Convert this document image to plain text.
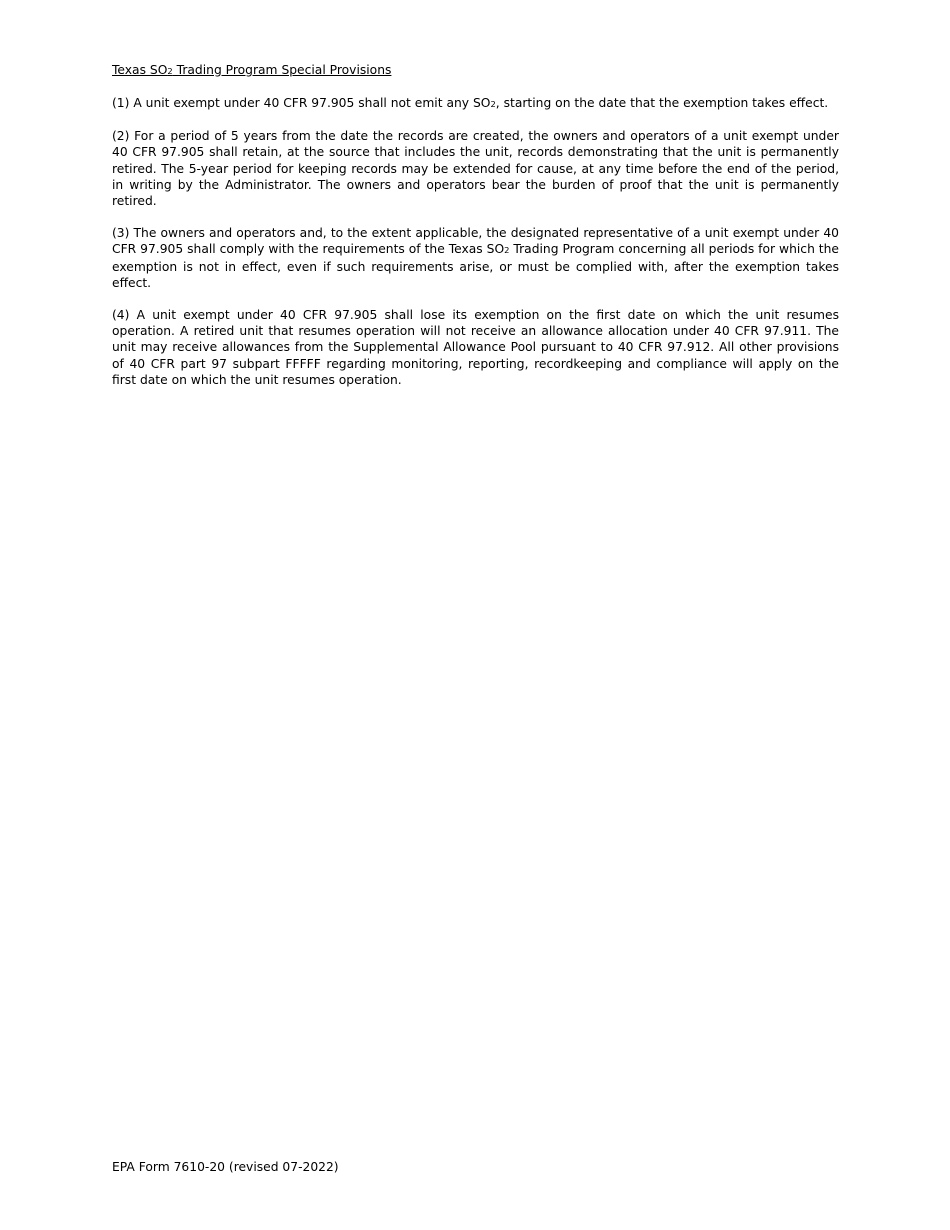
Texas SO2 Trading Program Special Provisions

(1) A unit exempt under 40 CFR 97.905 shall not emit any SO2, starting on the date that the exemption takes effect.

(2) For a period of 5 years from the date the records are created, the owners and operators of a unit exempt under 40 CFR 97.905 shall retain, at the source that includes the unit, records demonstrating that the unit is permanently retired. The 5-year period for keeping records may be extended for cause, at any time before the end of the period, in writing by the Administrator. The owners and operators bear the burden of proof that the unit is permanently retired.

(3) The owners and operators and, to the extent applicable, the designated representative of a unit exempt under 40 CFR 97.905 shall comply with the requirements of the Texas SO2 Trading Program concerning all periods for which the exemption is not in effect, even if such requirements arise, or must be complied with, after the exemption takes effect.

(4) A unit exempt under 40 CFR 97.905 shall lose its exemption on the first date on which the unit resumes operation. A retired unit that resumes operation will not receive an allowance allocation under 40 CFR 97.911. The unit may receive allowances from the Supplemental Allowance Pool pursuant to 40 CFR 97.912. All other provisions of 40 CFR part 97 subpart FFFFF regarding monitoring, reporting, recordkeeping and compliance will apply on the first date on which the unit resumes operation.

EPA Form 7610-20 (revised 07-2022)
